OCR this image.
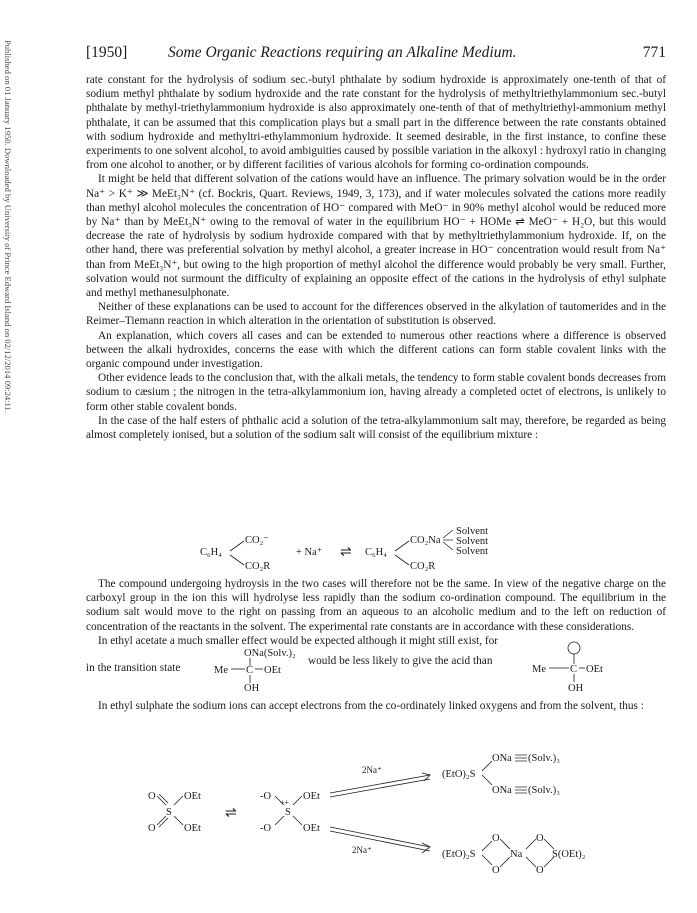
Published on 01 January 1950. Downloaded by University of Prince Edward Island on 02/12/2014 09:24:11.	[1950]	Some Organic Reactions requiring an Alkaline Medium.	771

rate constant for the hydrolysis of sodium sec.-butyl phthalate by sodium hydroxide is approximately one-tenth of that of sodium methyl phthalate by sodium hydroxide and the rate constant for the hydrolysis of methyltriethylammonium sec.-butyl phthalate by methyl-triethylammonium hydroxide is also approximately one-tenth of that of methyltriethyl-ammonium methyl phthalate, it can be assumed that this complication plays but a small part in the difference between the rate constants obtained with sodium hydroxide and methyltri-ethylammonium hydroxide. It seemed desirable, in the first instance, to confine these experiments to one solvent alcohol, to avoid ambiguities caused by possible variation in the alkoxyl : hydroxyl ratio in changing from one alcohol to another, or by different facilities of various alcohols for forming co-ordination compounds.

It might be held that different solvation of the cations would have an influence. The primary solvation would be in the order Na⁺ > K⁺ ≫ MeEt₃N⁺ (cf. Bockris, Quart. Reviews, 1949, 3, 173), and if water molecules solvated the cations more readily than methyl alcohol molecules the concentration of HO⁻ compared with MeO⁻ in 90% methyl alcohol would be reduced more by Na⁺ than by MeEt₃N⁺ owing to the removal of water in the equilibrium HO⁻ + HOMe ⇌ MeO⁻ + H₂O, but this would decrease the rate of hydrolysis by sodium hydroxide compared with that by methyltriethylammonium hydroxide. If, on the other hand, there was preferential solvation by methyl alcohol, a greater increase in HO⁻ concentration would result from Na⁺ than from MeEt₃N⁺, but owing to the high proportion of methyl alcohol the difference would probably be very small. Further, solvation would not surmount the difficulty of explaining an opposite effect of the cations in the hydrolysis of ethyl sulphate and methyl methanesulphonate.

Neither of these explanations can be used to account for the differences observed in the alkylation of tautomerides and in the Reimer–Tiemann reaction in which alteration in the orientation of substitution is observed.

An explanation, which covers all cases and can be extended to numerous other reactions where a difference is observed between the alkali hydroxides, concerns the ease with which the different cations can form stable covalent links with the organic compound under investigation.

Other evidence leads to the conclusion that, with the alkali metals, the tendency to form stable covalent bonds decreases from sodium to cæsium ; the nitrogen in the tetra-alkylammonium ion, having already a completed octet of electrons, is unlikely to form other stable covalent bonds.

In the case of the half esters of phthalic acid a solution of the tetra-alkylammonium salt may, therefore, be regarded as being almost completely ionised, but a solution of the sodium salt will consist of the equilibrium mixture :

C₆H₄
CO₂⁻
CO₂R
+ Na⁺ ⇌ C₆H₄
CO₂Na
CO₂R
Solvent
Solvent
Solvent

The compound undergoing hydroysis in the two cases will therefore not be the same. In view of the negative charge on the carboxyl group in the ion this will hydrolyse less rapidly than the sodium co-ordination compound. The equilibrium in the sodium salt would move to the right on passing from an aqueous to an alcoholic medium and to the left on reduction of concentration of the reactants in the solvent. The experimental rate constants are in accordance with these considerations.

In ethyl acetate a much smaller effect would be expected although it might still exist, for

in the transition state
ONa(Solv.)₂
Me C OEt
OH
would be less likely to give the acid than
Me C OEt
OH

In ethyl sulphate the sodium ions can accept electrons from the co-ordinately linked oxygens and from the solvent, thus :

O
O
S
OEt
OEt
⇌
-O
-O
S
++
OEt
OEt
2Na⁺
2Na⁺
(EtO)₂S
ONa (Solv.)₃
ONa (Solv.)₃
(EtO)₂S
O
O
Na
O
O
S(OEt)₂
